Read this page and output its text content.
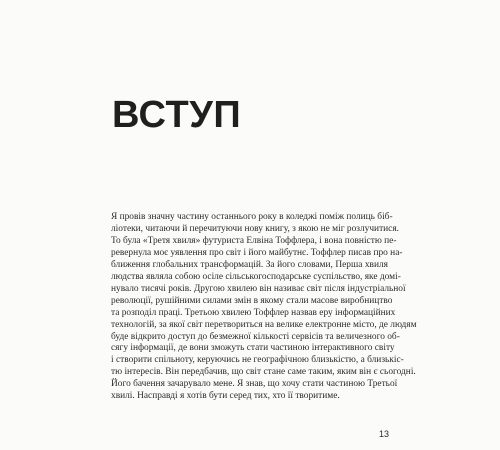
ВСТУП

Я провів значну частину останнього року в коледжі поміж полиць біб-
ліотеки, читаючи й перечитуючи нову книгу, з якою не міг розлучитися.
То була «Третя хвиля» футуриста Елвіна Тоффлера, і вона повністю пе-
ревернула моє уявлення про світ і його майбутнє. Тоффлер писав про на-
ближення глобальних трансформацій. За його словами, Перша хвиля
людства являла собою осіле сільськогосподарське суспільство, яке домі-
нувало тисячі років. Другою хвилею він називає світ після індустріальної
революції, рушійними силами змін в якому стали масове виробництво
та розподіл праці. Третьою хвилею Тоффлер назвав еру інформаційних
технологій, за якої світ перетвориться на велике електронне місто, де людям
буде відкрито доступ до безмежної кількості сервісів та величезного об-
сягу інформації, де вони зможуть стати частиною інтерактивного світу
і створити спільноту, керуючись не географічною близькістю, а близькіс-
тю інтересів. Він передбачив, що світ стане саме таким, яким він є сьогодні.
Його бачення зачарувало мене. Я знав, що хочу стати частиною Третьої
хвилі. Насправді я хотів бути серед тих, хто її творитиме.

13
